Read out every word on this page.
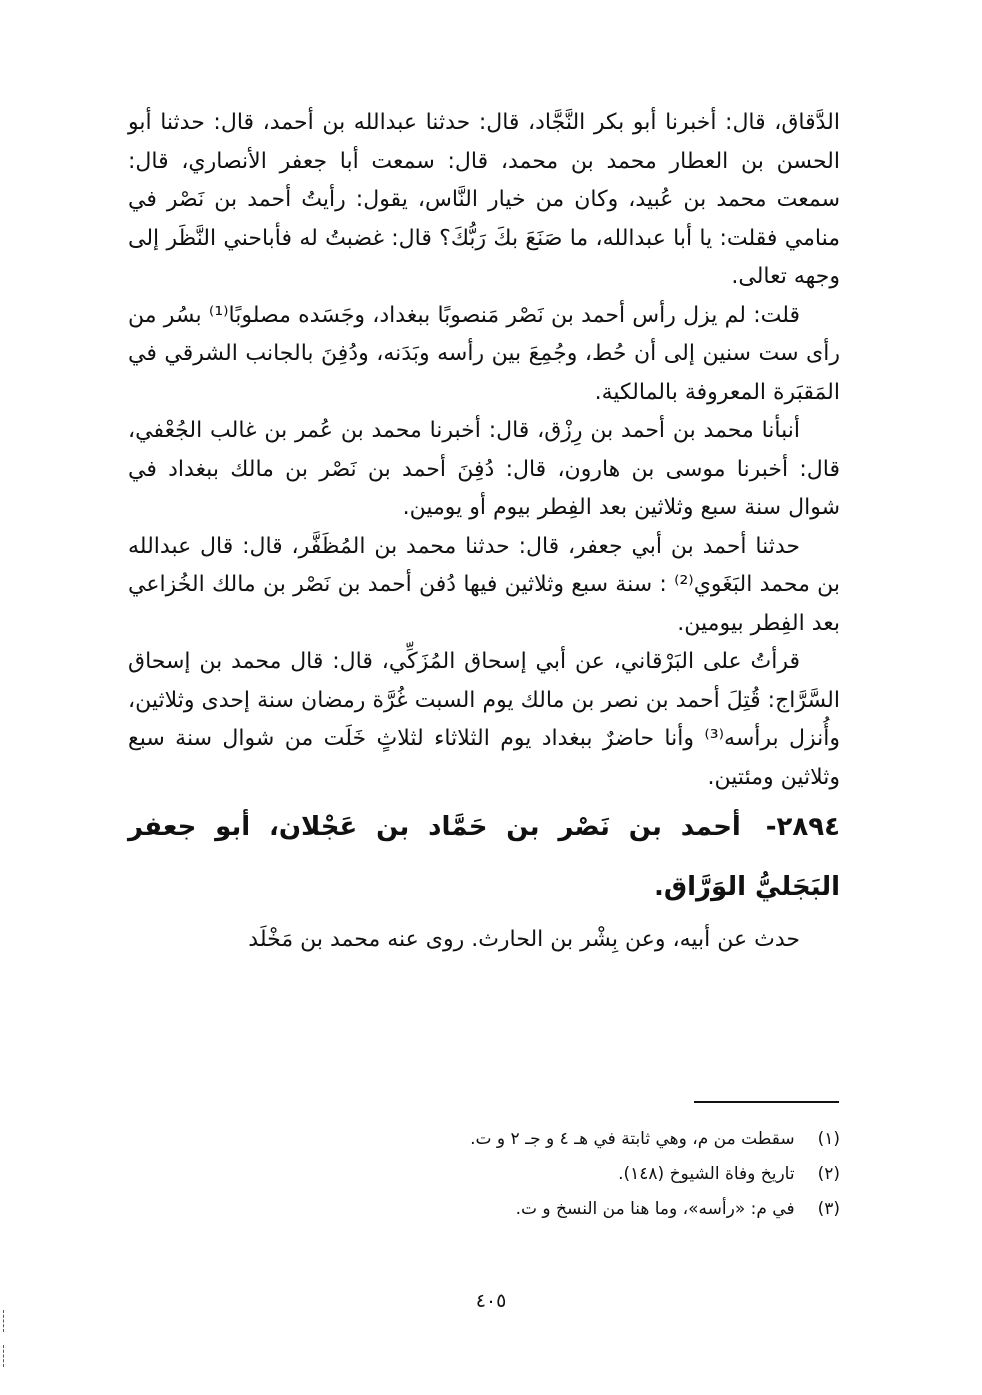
الدَّقاق، قال: أخبرنا أبو بكر النَّجَّاد، قال: حدثنا عبدالله بن أحمد، قال: حدثنا أبو الحسن بن العطار محمد بن محمد، قال: سمعت أبا جعفر الأنصاري، قال: سمعت محمد بن عُبيد، وكان من خيار النَّاس، يقول: رأيتُ أحمد بن نَصْر في منامي فقلت: يا أبا عبدالله، ما صَنَعَ بكَ رَبُّكَ؟ قال: غضبتُ له فأباحني النَّظَر إلى وجهه تعالى.

قلت: لم يزل رأس أحمد بن نَصْر مَنصوبًا ببغداد، وجَسَده مصلوبًا⁽¹⁾ بسُر من رأى ست سنين إلى أن حُط، وجُمِعَ بين رأسه وبَدَنه، ودُفِنَ بالجانب الشرقي في المَقبَرة المعروفة بالمالكية.

أنبأنا محمد بن أحمد بن رِزْق، قال: أخبرنا محمد بن عُمر بن غالب الجُعْفي، قال: أخبرنا موسى بن هارون، قال: دُفِنَ أحمد بن نَصْر بن مالك ببغداد في شوال سنة سبع وثلاثين بعد الفِطر بيوم أو يومين.

حدثنا أحمد بن أبي جعفر، قال: حدثنا محمد بن المُظَفَّر، قال: قال عبدالله بن محمد البَغَوي⁽²⁾ : سنة سبع وثلاثين فيها دُفن أحمد بن نَصْر بن مالك الخُزاعي بعد الفِطر بيومين.

قرأتُ على البَرْقاني، عن أبي إسحاق المُزَكِّي، قال: قال محمد بن إسحاق السَّرَّاج: قُتِلَ أحمد بن نصر بن مالك يوم السبت غُرَّة رمضان سنة إحدى وثلاثين، وأُنزل برأسه⁽³⁾ وأنا حاضرٌ ببغداد يوم الثلاثاء لثلاثٍ خَلَت من شوال سنة سبع وثلاثين ومئتين.

٢٨٩٤- أحمد بن نَصْر بن حَمَّاد بن عَجْلان، أبو جعفر البَجَليُّ الوَرَّاق.

حدث عن أبيه، وعن بِشْر بن الحارث. روى عنه محمد بن مَخْلَد

(١) سقطت من م، وهي ثابتة في هـ ٤ و جـ ٢ و ت.

(٢) تاريخ وفاة الشيوخ (١٤٨).

(٣) في م: «رأسه»، وما هنا من النسخ و ت.

٤٠٥
